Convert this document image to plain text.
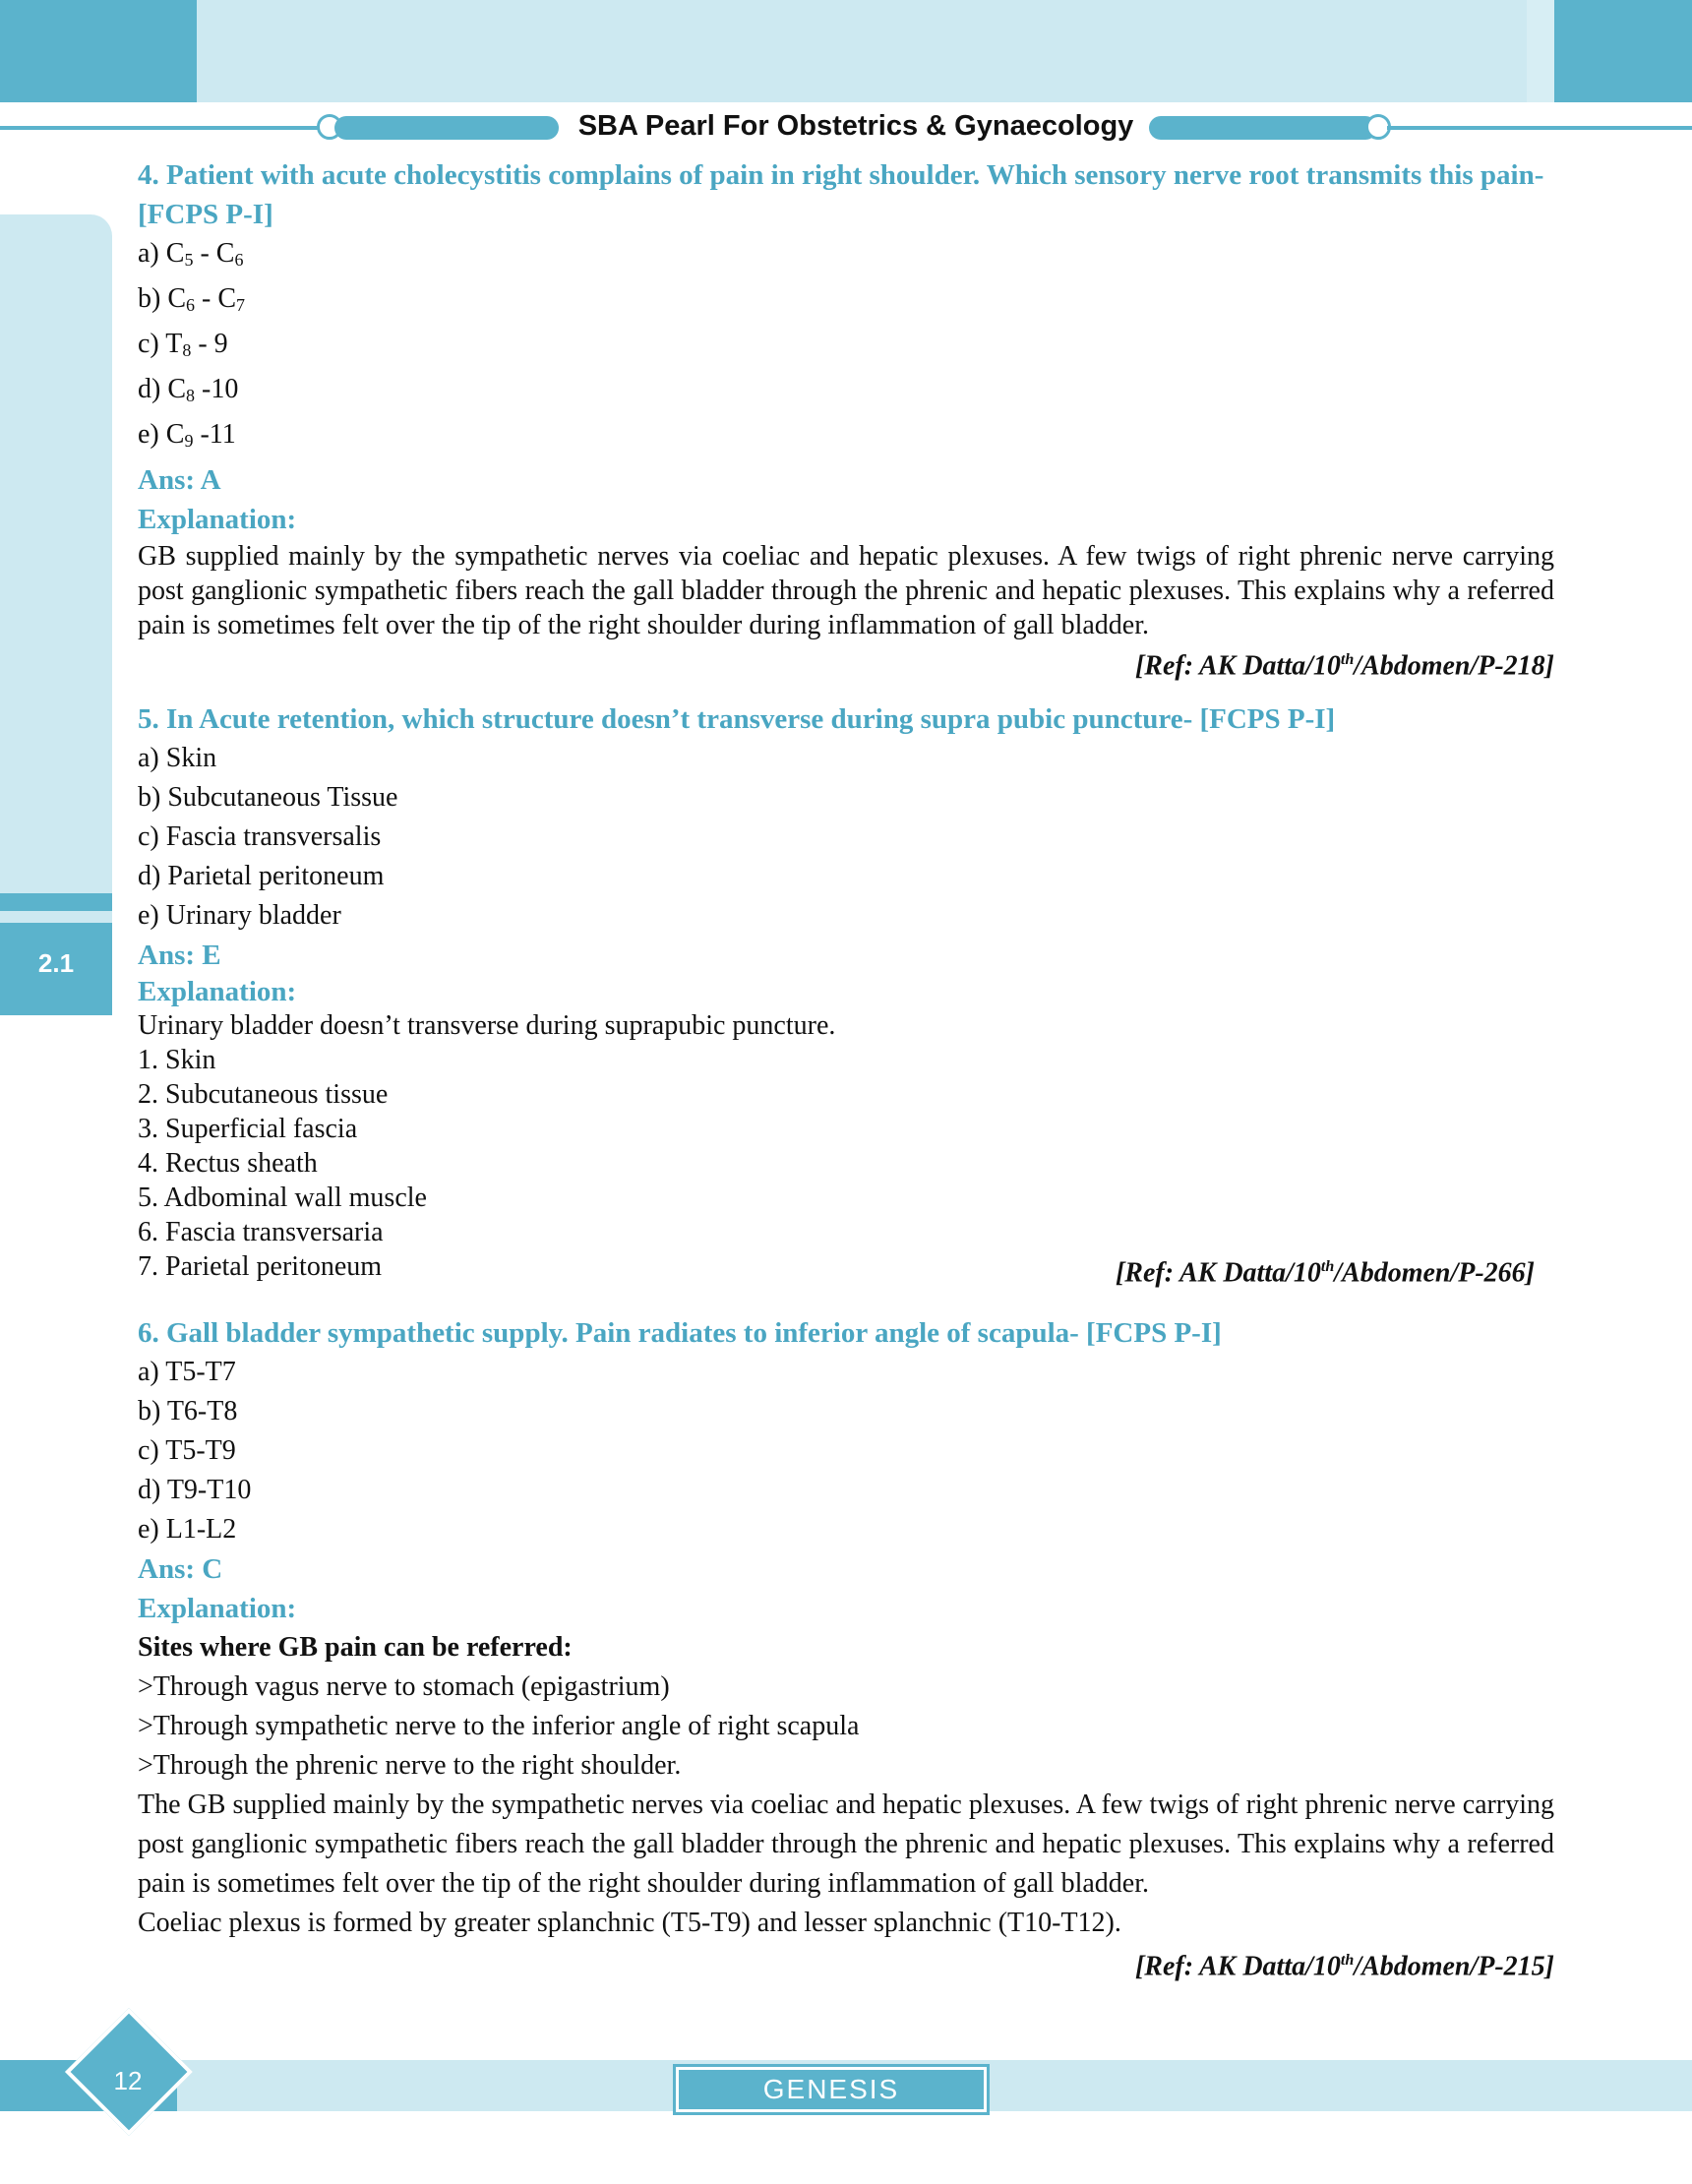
SBA Pearl For Obstetrics & Gynaecology
2.1
4. Patient with acute cholecystitis complains of pain in right shoulder. Which sensory nerve root transmits this pain- [FCPS P-I]
a) $C_5 - C_6$
b) $C_6 - C_7$
c) $T_8 - 9$
d) $C_8$ -10
e) $C_9$ -11
Ans: A
Explanation:
GB supplied mainly by the sympathetic nerves via coeliac and hepatic plexuses. A few twigs of right phrenic nerve carrying post ganglionic sympathetic fibers reach the gall bladder through the phrenic and hepatic plexuses. This explains why a referred pain is sometimes felt over the tip of the right shoulder during inflammation of gall bladder.
[Ref: AK Datta/10th/Abdomen/P-218]
5. In Acute retention, which structure doesn’t transverse during supra pubic puncture- [FCPS P-I]
a) Skin
b) Subcutaneous Tissue
c) Fascia transversalis
d) Parietal peritoneum
e) Urinary bladder
Ans: E
Explanation:
Urinary bladder doesn’t transverse during suprapubic puncture.
1. Skin
2. Subcutaneous tissue
3. Superficial fascia
4. Rectus sheath
5. Adbominal wall muscle
6. Fascia transversaria
7. Parietal peritoneum	[Ref: AK Datta/10th/Abdomen/P-266]
6. Gall bladder sympathetic supply. Pain radiates to inferior angle of scapula- [FCPS P-I]
a) T5-T7
b) T6-T8
c) T5-T9
d) T9-T10
e) L1-L2
Ans: C
Explanation:
Sites where GB pain can be referred:
>Through vagus nerve to stomach (epigastrium)
>Through sympathetic nerve to the inferior angle of right scapula
>Through the phrenic nerve to the right shoulder.
The GB supplied mainly by the sympathetic nerves via coeliac and hepatic plexuses. A few twigs of right phrenic nerve carrying post ganglionic sympathetic fibers reach the gall bladder through the phrenic and hepatic plexuses. This explains why a referred pain is sometimes felt over the tip of the right shoulder during inflammation of gall bladder.
Coeliac plexus is formed by greater splanchnic (T5-T9) and lesser splanchnic (T10-T12).
[Ref: AK Datta/10th/Abdomen/P-215]
12	GENESIS
